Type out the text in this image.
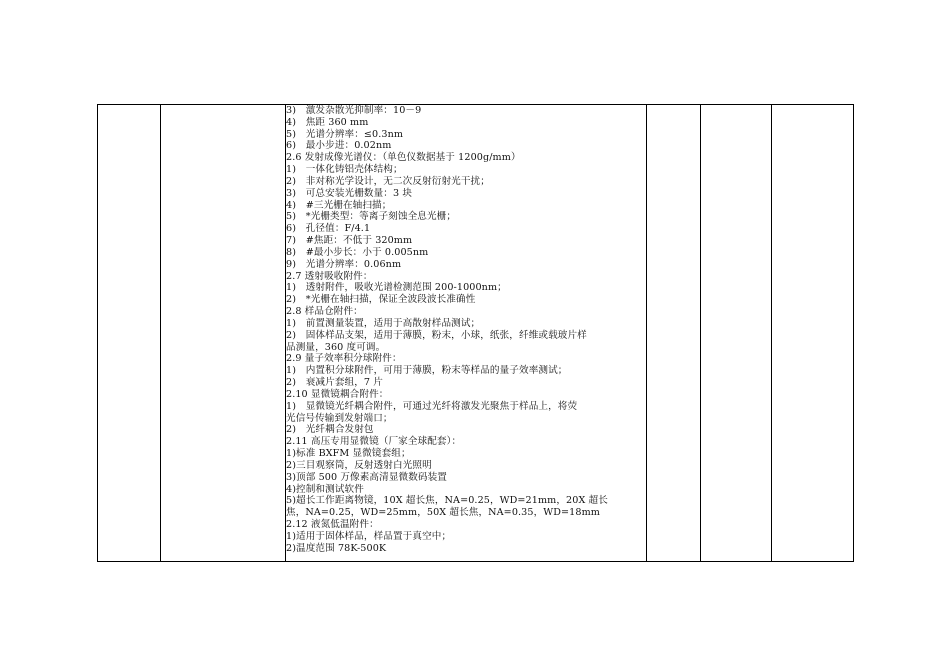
3)　激发杂散光抑制率：10－9
4)　焦距 360 mm
5)　光谱分辨率：≤0.3nm
6)　最小步进：0.02nm
2.6 发射成像光谱仪：（单色仪数据基于 1200g/mm）
1)　一体化铸铝壳体结构；
2)　非对称光学设计，无二次反射衍射光干扰；
3)　可总安装光栅数量：3 块
4)　#三光栅在轴扫描；
5)　*光栅类型：等离子刻蚀全息光栅；
6)　孔径值：F/4.1
7)　#焦距：不低于 320mm
8)　#最小步长：小于 0.005nm
9)　光谱分辨率：0.06nm
2.7 透射吸收附件：
1)　透射附件，吸收光谱检测范围 200-1000nm；
2)　*光栅在轴扫描，保证全波段波长准确性
2.8 样品仓附件：
1)　前置测量装置，适用于高散射样品测试；
2)　固体样品支架，适用于薄膜，粉末，小球，纸张，纤维或载玻片样
品测量，360 度可调。
2.9 量子效率积分球附件：
1)　内置积分球附件，可用于薄膜，粉末等样品的量子效率测试；
2)　衰减片套组，7 片
2.10 显微镜耦合附件：
1)　显微镜光纤耦合附件，可通过光纤将激发光聚焦于样品上，将荧
光信号传输到发射端口；
2)　光纤耦合发射包
2.11 高压专用显微镜（厂家全球配套）：
1)标准 BXFM 显微镜套组；
2)三目观察筒，反射透射白光照明
3)顶部 500 万像素高清显微数码装置
4)控制和测试软件
5)超长工作距离物镜，10X 超长焦，NA=0.25，WD=21mm，20X 超长
焦，NA=0.25，WD=25mm，50X 超长焦，NA=0.35，WD=18mm
2.12 液氮低温附件：
1)适用于固体样品，样品置于真空中；
2)温度范围 78K-500K
